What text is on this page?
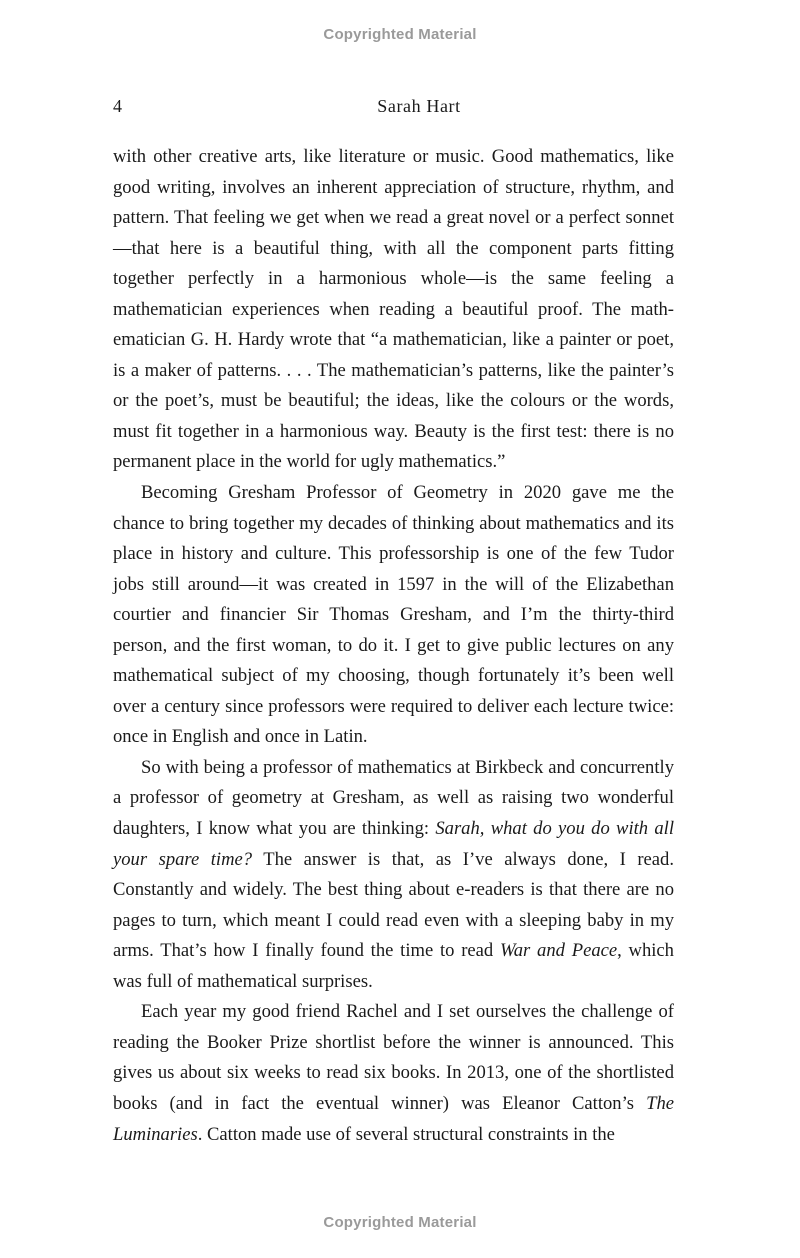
Copyrighted Material
4	Sarah Hart

with other creative arts, like literature or music. Good mathematics, like good writing, involves an inherent appreciation of structure, rhythm, and pattern. That feeling we get when we read a great novel or a perfect sonnet—that here is a beautiful thing, with all the component parts fitting together perfectly in a harmonious whole—is the same feeling a mathematician experiences when reading a beautiful proof. The mathematician G. H. Hardy wrote that “a mathematician, like a painter or poet, is a maker of patterns. . . . The mathematician’s patterns, like the painter’s or the poet’s, must be beautiful; the ideas, like the colours or the words, must fit together in a harmonious way. Beauty is the first test: there is no permanent place in the world for ugly mathematics.”

Becoming Gresham Professor of Geometry in 2020 gave me the chance to bring together my decades of thinking about mathematics and its place in history and culture. This professorship is one of the few Tudor jobs still around—it was created in 1597 in the will of the Elizabethan courtier and financier Sir Thomas Gresham, and I’m the thirty-third person, and the first woman, to do it. I get to give public lectures on any mathematical subject of my choosing, though fortunately it’s been well over a century since professors were required to deliver each lecture twice: once in English and once in Latin.

So with being a professor of mathematics at Birkbeck and concurrently a professor of geometry at Gresham, as well as raising two wonderful daughters, I know what you are thinking: Sarah, what do you do with all your spare time? The answer is that, as I’ve always done, I read. Constantly and widely. The best thing about e-readers is that there are no pages to turn, which meant I could read even with a sleeping baby in my arms. That’s how I finally found the time to read War and Peace, which was full of mathematical surprises.

Each year my good friend Rachel and I set ourselves the challenge of reading the Booker Prize shortlist before the winner is announced. This gives us about six weeks to read six books. In 2013, one of the shortlisted books (and in fact the eventual winner) was Eleanor Catton’s The Luminaries. Catton made use of several structural constraints in the

Copyrighted Material
